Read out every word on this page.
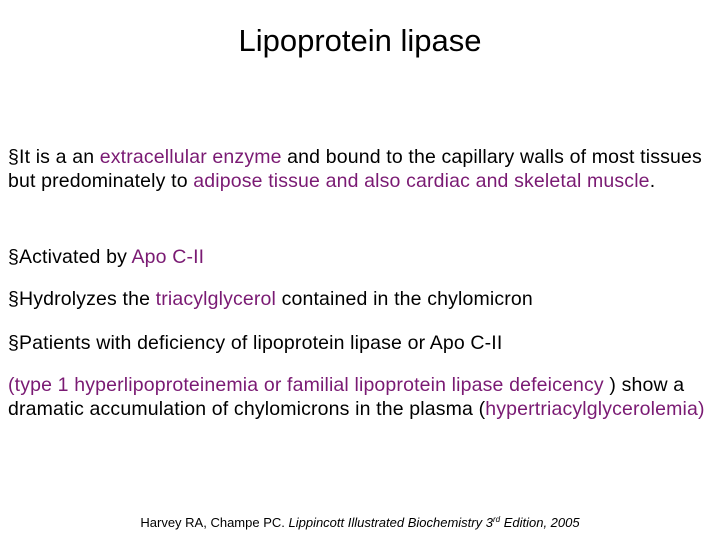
Lipoprotein lipase

§It is a an extracellular enzyme and bound to the capillary walls of most tissues but predominately to adipose tissue and also cardiac and skeletal muscle.

§Activated by Apo C-II

§Hydrolyzes the triacylglycerol contained in the chylomicron

§Patients with deficiency of lipoprotein lipase or Apo C-II

(type 1 hyperlipoproteinemia or familial lipoprotein lipase defeicency ) show a dramatic accumulation of chylomicrons in the plasma (hypertriacylglycerolemia)

Harvey RA, Champe PC. Lippincott Illustrated Biochemistry 3rd Edition, 2005
